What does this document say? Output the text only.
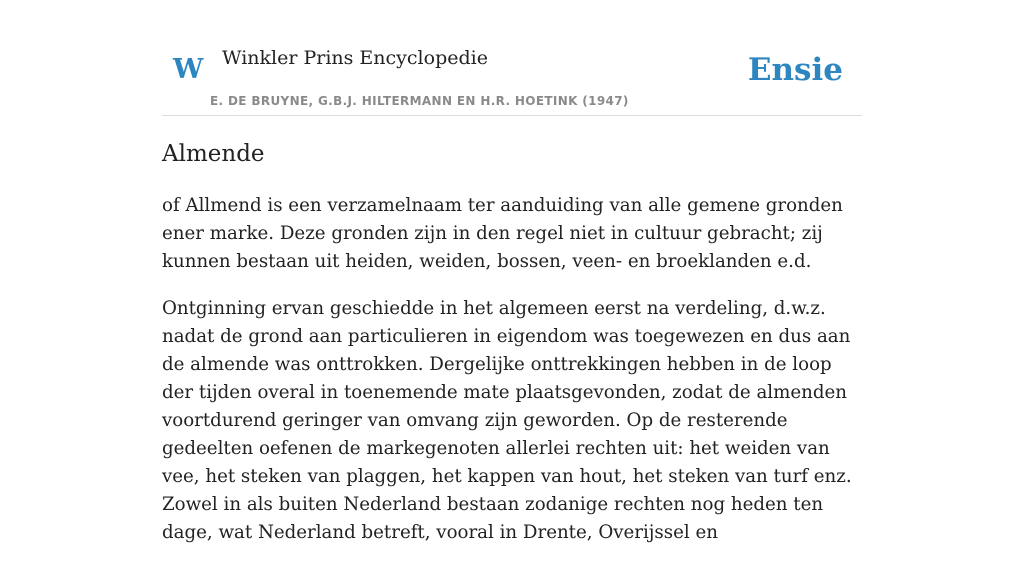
W Winkler Prins Encyclopedie
E. DE BRUYNE, G.B.J. HILTERMANN EN H.R. HOETINK (1947)
Ensie
Almende

of Allmend is een verzamelnaam ter aanduiding van alle gemene gronden ener marke. Deze gronden zijn in den regel niet in cultuur gebracht; zij kunnen bestaan uit heiden, weiden, bossen, veen- en broeklanden e.d.

Ontginning ervan geschiedde in het algemeen eerst na verdeling, d.w.z. nadat de grond aan particulieren in eigendom was toegewezen en dus aan de almende was onttrokken. Dergelijke onttrekkingen hebben in de loop der tijden overal in toenemende mate plaatsgevonden, zodat de almenden voortdurend geringer van omvang zijn geworden. Op de resterende gedeelten oefenen de markegenoten allerlei rechten uit: het weiden van vee, het steken van plaggen, het kappen van hout, het steken van turf enz. Zowel in als buiten Nederland bestaan zodanige rechten nog heden ten dage, wat Nederland betreft, vooral in Drente, Overijssel en
